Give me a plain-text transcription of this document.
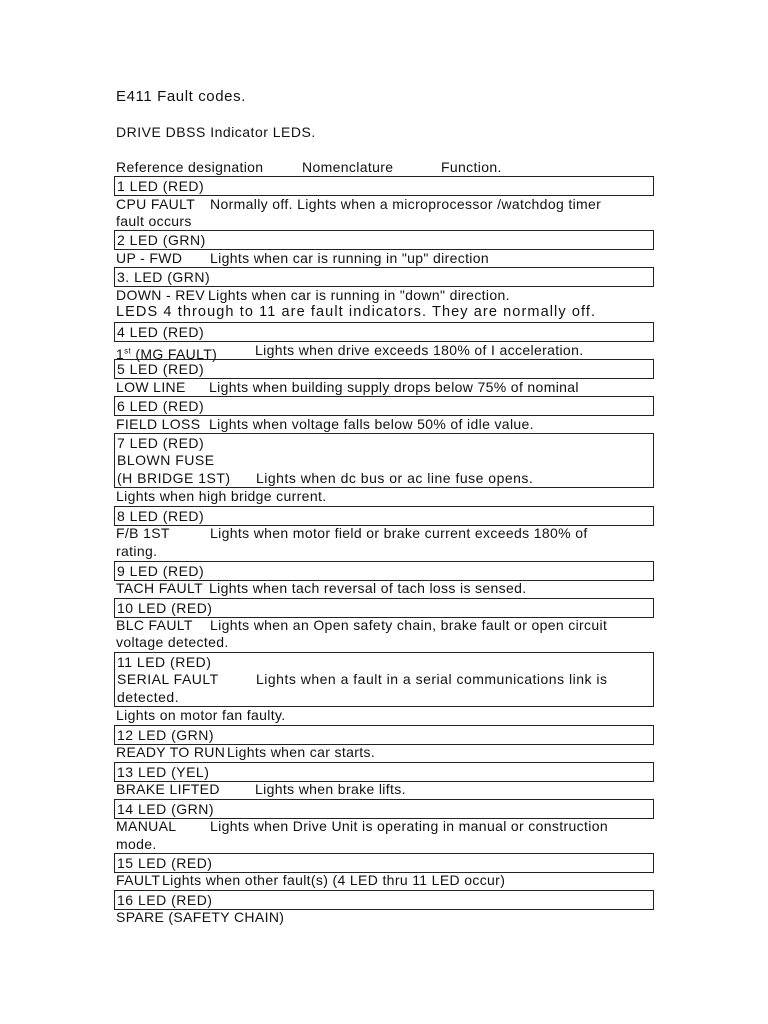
E411 Fault codes.
DRIVE DBSS Indicator LEDS.
Reference designation	Nomenclature	Function.
1 LED (RED)
CPU FAULT Normally off. Lights when a microprocessor /watchdog timer
fault occurs
2 LED (GRN)
UP - FWD Lights when car is running in "up" direction
3. LED (GRN)
DOWN - REV Lights when car is running in "down" direction.
LEDS 4 through to 11 are fault indicators. They are normally off.
4 LED (RED)
1st (MG FAULT)	Lights when drive exceeds 180% of I acceleration.
5 LED (RED)
LOW LINE Lights when building supply drops below 75% of nominal
6 LED (RED)
FIELD LOSS Lights when voltage falls below 50% of idle value.
7 LED (RED)
BLOWN FUSE
(H BRIDGE 1ST) Lights when dc bus or ac line fuse opens.
Lights when high bridge current.
8 LED (RED)
F/B 1ST	Lights when motor field or brake current exceeds 180% of
rating.
9 LED (RED)
TACH FAULT Lights when tach reversal of tach loss is sensed.
10 LED (RED)
BLC FAULT Lights when an Open safety chain, brake fault or open circuit
voltage detected.
11 LED (RED)
SERIAL FAULT	Lights when a fault in a serial communications link is
detected.
Lights on motor fan faulty.
12 LED (GRN)
READY TO RUN Lights when car starts.
13 LED (YEL)
BRAKE LIFTED	Lights when brake lifts.
14 LED (GRN)
MANUAL Lights when Drive Unit is operating in manual or construction
mode.
15 LED (RED)
FAULT Lights when other fault(s) (4 LED thru 11 LED occur)
16 LED (RED)
SPARE (SAFETY CHAIN)
